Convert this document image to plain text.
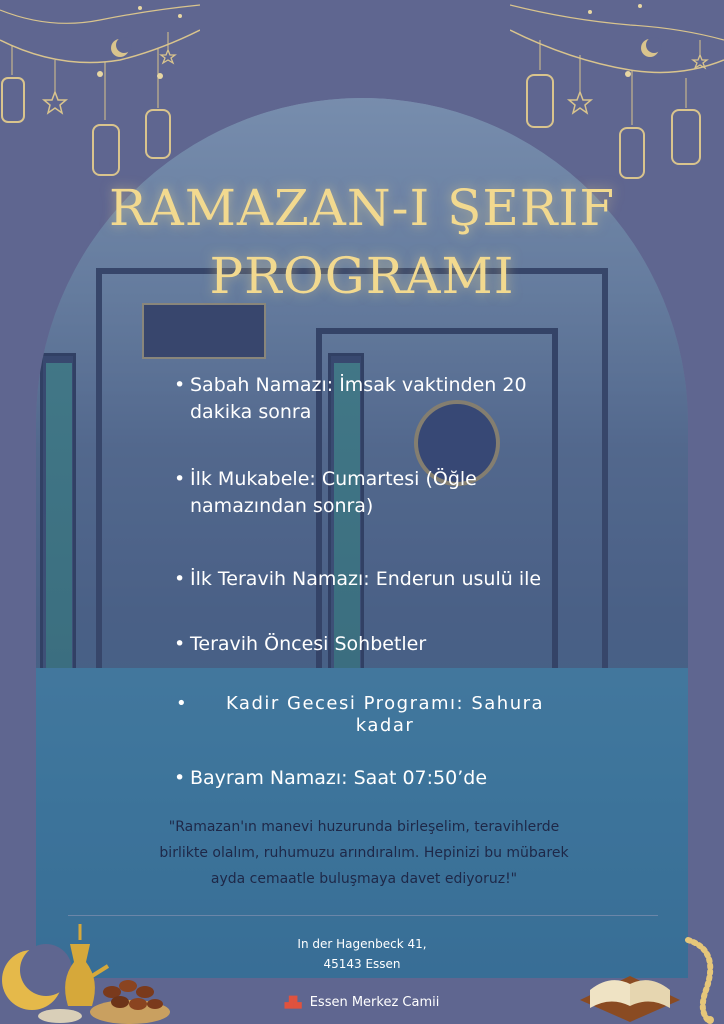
RAMAZAN-I ŞERIF
PROGRAMI
• Sabah Namazı: İmsak vaktinden 20
dakika sonra
• İlk Mukabele: Cumartesi (Öğle
namazından sonra)
• İlk Teravih Namazı: Enderun usulü ile
• Teravih Öncesi Sohbetler
•	Kadir Gecesi Programı: Sahura
kadar
• Bayram Namazı: Saat 07:50’de
"Ramazan'ın manevi huzurunda birleşelim, teravihlerde
birlikte olalım, ruhumuzu arındıralım. Hepinizi bu mübarek
ayda cemaatle buluşmaya davet ediyoruz!"
In der Hagenbeck 41,
45143 Essen
▟▙ Essen Merkez Camii
